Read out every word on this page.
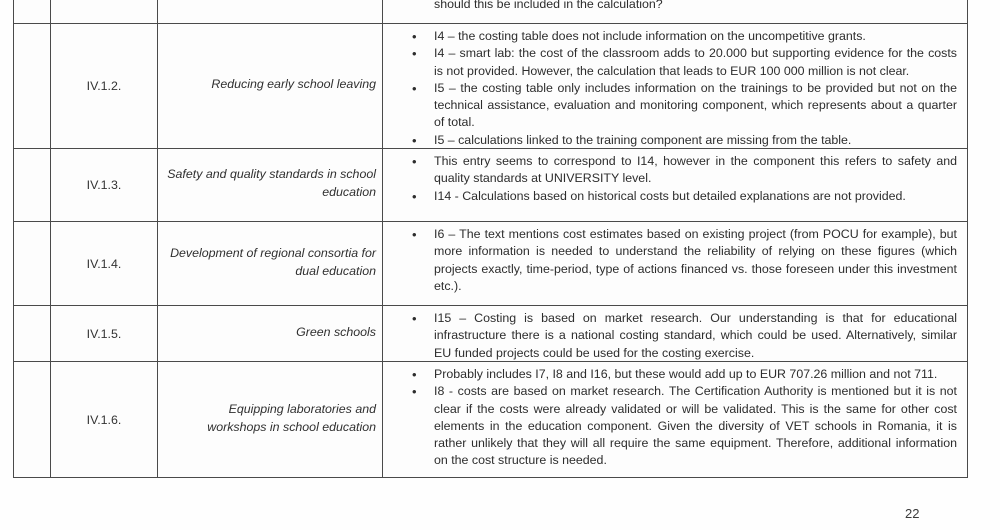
should this be included in the calculation?
IV.1.2.	Reducing early school leaving
• I4 – the costing table does not include information on the uncompetitive grants.
• I4 – smart lab: the cost of the classroom adds to 20.000 but supporting evidence for the costs is not provided. However, the calculation that leads to EUR 100 000 million is not clear.
• I5 – the costing table only includes information on the trainings to be provided but not on the technical assistance, evaluation and monitoring component, which represents about a quarter of total.
• I5 – calculations linked to the training component are missing from the table.
IV.1.3.
Safety and quality standards in school education
• This entry seems to correspond to I14, however in the component this refers to safety and quality standards at UNIVERSITY level.
• I14 - Calculations based on historical costs but detailed explanations are not provided.
IV.1.4.
Development of regional consortia for dual education
• I6 – The text mentions cost estimates based on existing project (from POCU for example), but more information is needed to understand the reliability of relying on these figures (which projects exactly, time-period, type of actions financed vs. those foreseen under this investment etc.).
IV.1.5.	Green schools
• I15 – Costing is based on market research. Our understanding is that for educational infrastructure there is a national costing standard, which could be used. Alternatively, similar EU funded projects could be used for the costing exercise.
IV.1.6.
Equipping laboratories and workshops in school education
• Probably includes I7, I8 and I16, but these would add up to EUR 707.26 million and not 711.
• I8 - costs are based on market research. The Certification Authority is mentioned but it is not clear if the costs were already validated or will be validated. This is the same for other cost elements in the education component. Given the diversity of VET schools in Romania, it is rather unlikely that they will all require the same equipment. Therefore, additional information on the cost structure is needed.
22
